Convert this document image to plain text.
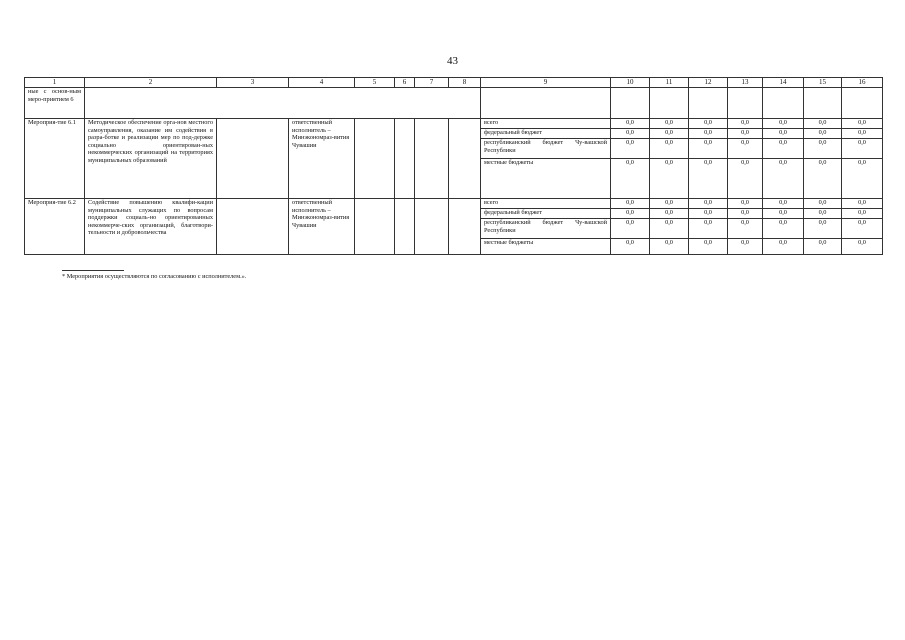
43
1	2	3	4	5	6	7	8	9	10	11	12	13	14	15	16
ные с основ-ным меро-приятием 6															
Мероприя-тие 6.1	Методическое обеспечение орга-нов местного самоуправления, оказание им содействия в разра-ботке и реализации мер по под-держке социально ориентирован-ных некоммерческих организаций на территориях муниципальных образований		ответственный исполнитель – Минэкономраз-вития Чувашии					всего	0,0	0,0	0,0	0,0	0,0	0,0	0,0
								федеральный бюджет	0,0	0,0	0,0	0,0	0,0	0,0	0,0
								республиканский бюджет Чу-вашской Республики	0,0	0,0	0,0	0,0	0,0	0,0	0,0
								местные бюджеты	0,0	0,0	0,0	0,0	0,0	0,0	0,0
Мероприя-тие 6.2	Содействие повышению квалифи-кации муниципальных служащих по вопросам поддержки социаль-но ориентированных некоммерче-ских организаций, благотвори-тельности и добровольчества		ответственный исполнитель – Минэкономраз-вития Чувашии					всего	0,0	0,0	0,0	0,0	0,0	0,0	0,0
								федеральный бюджет	0,0	0,0	0,0	0,0	0,0	0,0	0,0
								республиканский бюджет Чу-вашской Республики	0,0	0,0	0,0	0,0	0,0	0,0	0,0
								местные бюджеты	0,0	0,0	0,0	0,0	0,0	0,0	0,0

* Мероприятия осуществляются по согласованию с исполнителем.».
